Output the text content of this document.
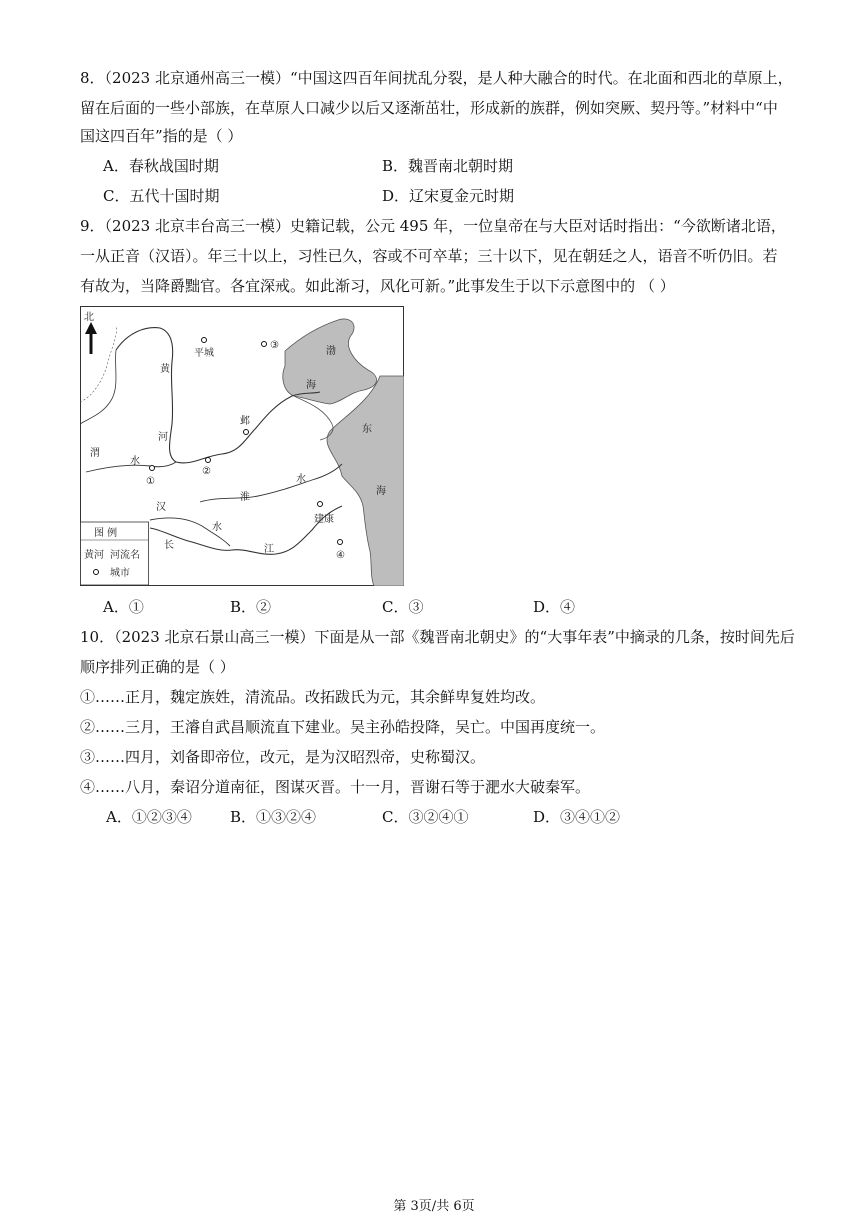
8．（2023 北京通州高三一模）“中国这四百年间扰乱分裂，是人种大融合的时代。在北面和西北的草原上，
留在后面的一些小部族，在草原人口减少以后又逐渐茁壮，形成新的族群，例如突厥、契丹等。”材料中“中
国这四百年”指的是（ ）
A．春秋战国时期	B．魏晋南北朝时期
C．五代十国时期	D．辽宋夏金元时期
9．（2023 北京丰台高三一模）史籍记载，公元 495 年，一位皇帝在与大臣对话时指出：“今欲断诸北语，
一从正音（汉语）。年三十以上，习性已久，容或不可卒革；三十以下，见在朝廷之人，语音不听仍旧。若
有故为，当降爵黜官。各宜深戒。如此渐习，风化可新。”此事发生于以下示意图中的 （ ）
北
平城
③
邺
②
①
建康
④
黄
河
渭
水
淮
水
汉
水
长	江
渤
海
东
海
图 例
黄河 河流名
城市
A．①	B．②	C．③	D．④
10．（2023 北京石景山高三一模）下面是从一部《魏晋南北朝史》的“大事年表”中摘录的几条，按时间先后
顺序排列正确的是（ ）
①……正月，魏定族姓，清流品。改拓跋氏为元，其余鲜卑复姓均改。
②……三月，王濬自武昌顺流直下建业。吴主孙皓投降，吴亡。中国再度统一。
③……四月，刘备即帝位，改元，是为汉昭烈帝，史称蜀汉。
④……八月，秦诏分道南征，图谋灭晋。十一月，晋谢石等于淝水大破秦军。
A．①②③④	B．①③②④	C．③②④①	D．③④①②
第 3页/共 6页
